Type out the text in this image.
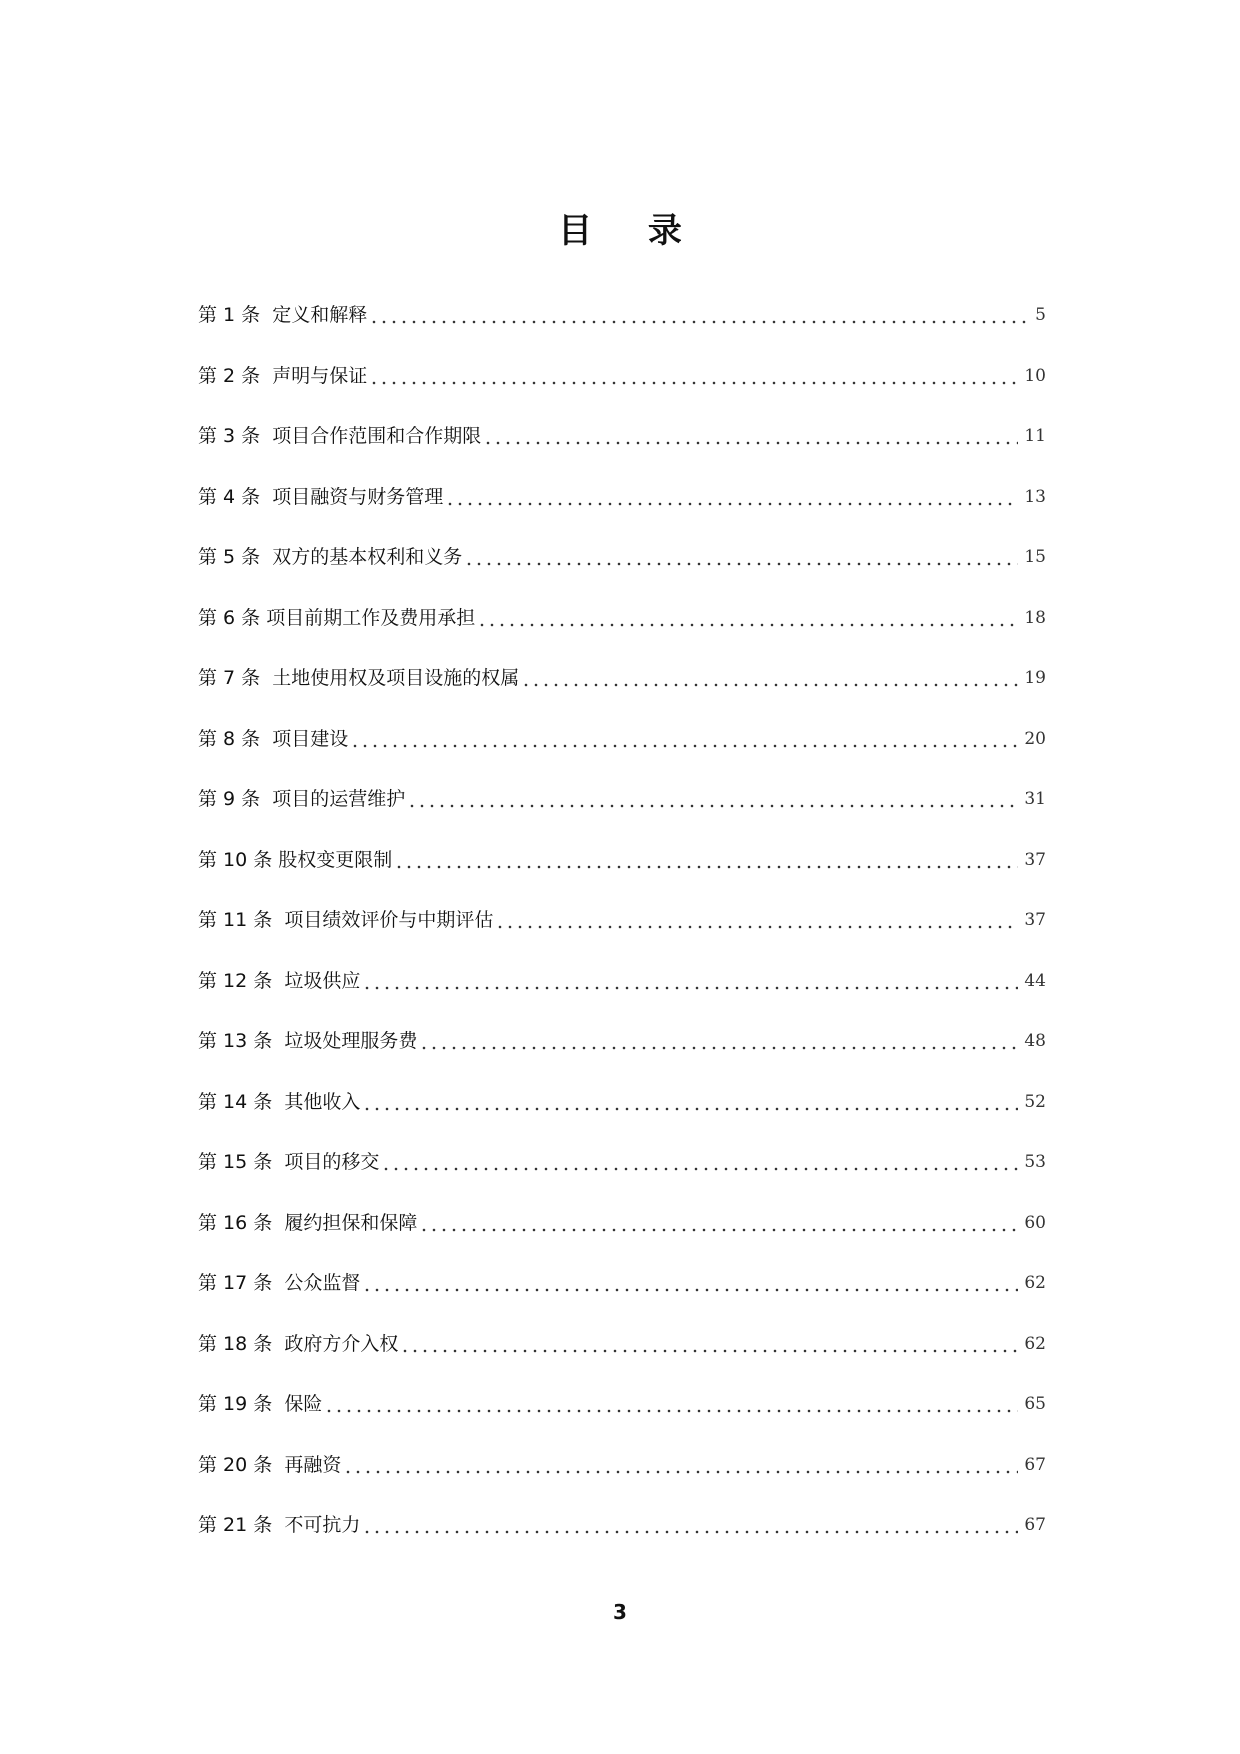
目 录
第 1 条 定义和解释	5
第 2 条 声明与保证	10
第 3 条 项目合作范围和合作期限	11
第 4 条 项目融资与财务管理	13
第 5 条 双方的基本权利和义务	15
第 6 条 项目前期工作及费用承担	18
第 7 条 土地使用权及项目设施的权属	19
第 8 条 项目建设	20
第 9 条 项目的运营维护	31
第 10 条 股权变更限制	37
第 11 条 项目绩效评价与中期评估	37
第 12 条 垃圾供应	44
第 13 条 垃圾处理服务费	48
第 14 条 其他收入	52
第 15 条 项目的移交	53
第 16 条 履约担保和保障	60
第 17 条 公众监督	62
第 18 条 政府方介入权	62
第 19 条 保险	65
第 20 条 再融资	67
第 21 条 不可抗力	67
3
